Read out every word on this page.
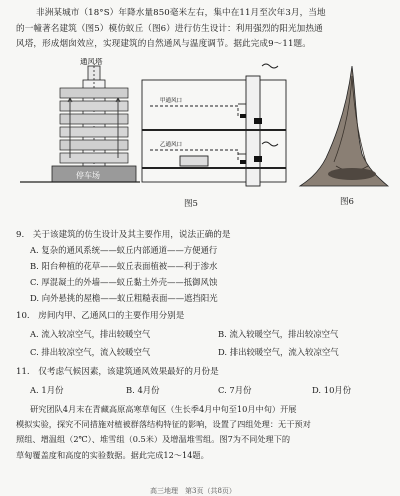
非洲某城市（18°S）年降水量850毫米左右，集中在11月至次年3月，当地
的一幢著名建筑（图5）模仿蚁丘（图6）进行仿生设计：利用强烈的阳光加热通
风塔，形成烟囱效应，实现建筑的自然通风与温度调节。据此完成9～11题。
通风塔
停车场
甲通风口
乙通风口
图5	图6
9.　关于该建筑的仿生设计及其主要作用，说法正确的是
A. 复杂的通风系统——蚁丘内部通道——方便通行
B. 阳台种植的花草——蚁丘表面植被——利于渗水
C. 厚混凝土的外墙——蚁丘黏土外壳——抵御风蚀
D. 向外悬挑的屋檐——蚁丘粗糙表面——遮挡阳光
10.　房间内甲、乙通风口的主要作用分别是
A. 流入较凉空气，排出较暖空气	B. 流入较暖空气，排出较凉空气
C. 排出较凉空气，流入较暖空气	D. 排出较暖空气，流入较凉空气
11.　仅考虑气候因素，该建筑通风效果最好的月份是
A. 1月份	B. 4月份	C. 7月份	D. 10月份
研究团队4月末在青藏高原高寒草甸区（生长季4月中旬至10月中旬）开展
模拟实验，探究不同措施对植被群落结构特征的影响，设置了四组处理：无干预对
照组、增温组（2℃）、堆雪组（0.5米）及增温堆雪组。图7为不同处理下的
草甸覆盖度和高度的实验数据。据此完成12～14题。
高三地理　第3页（共8页）
